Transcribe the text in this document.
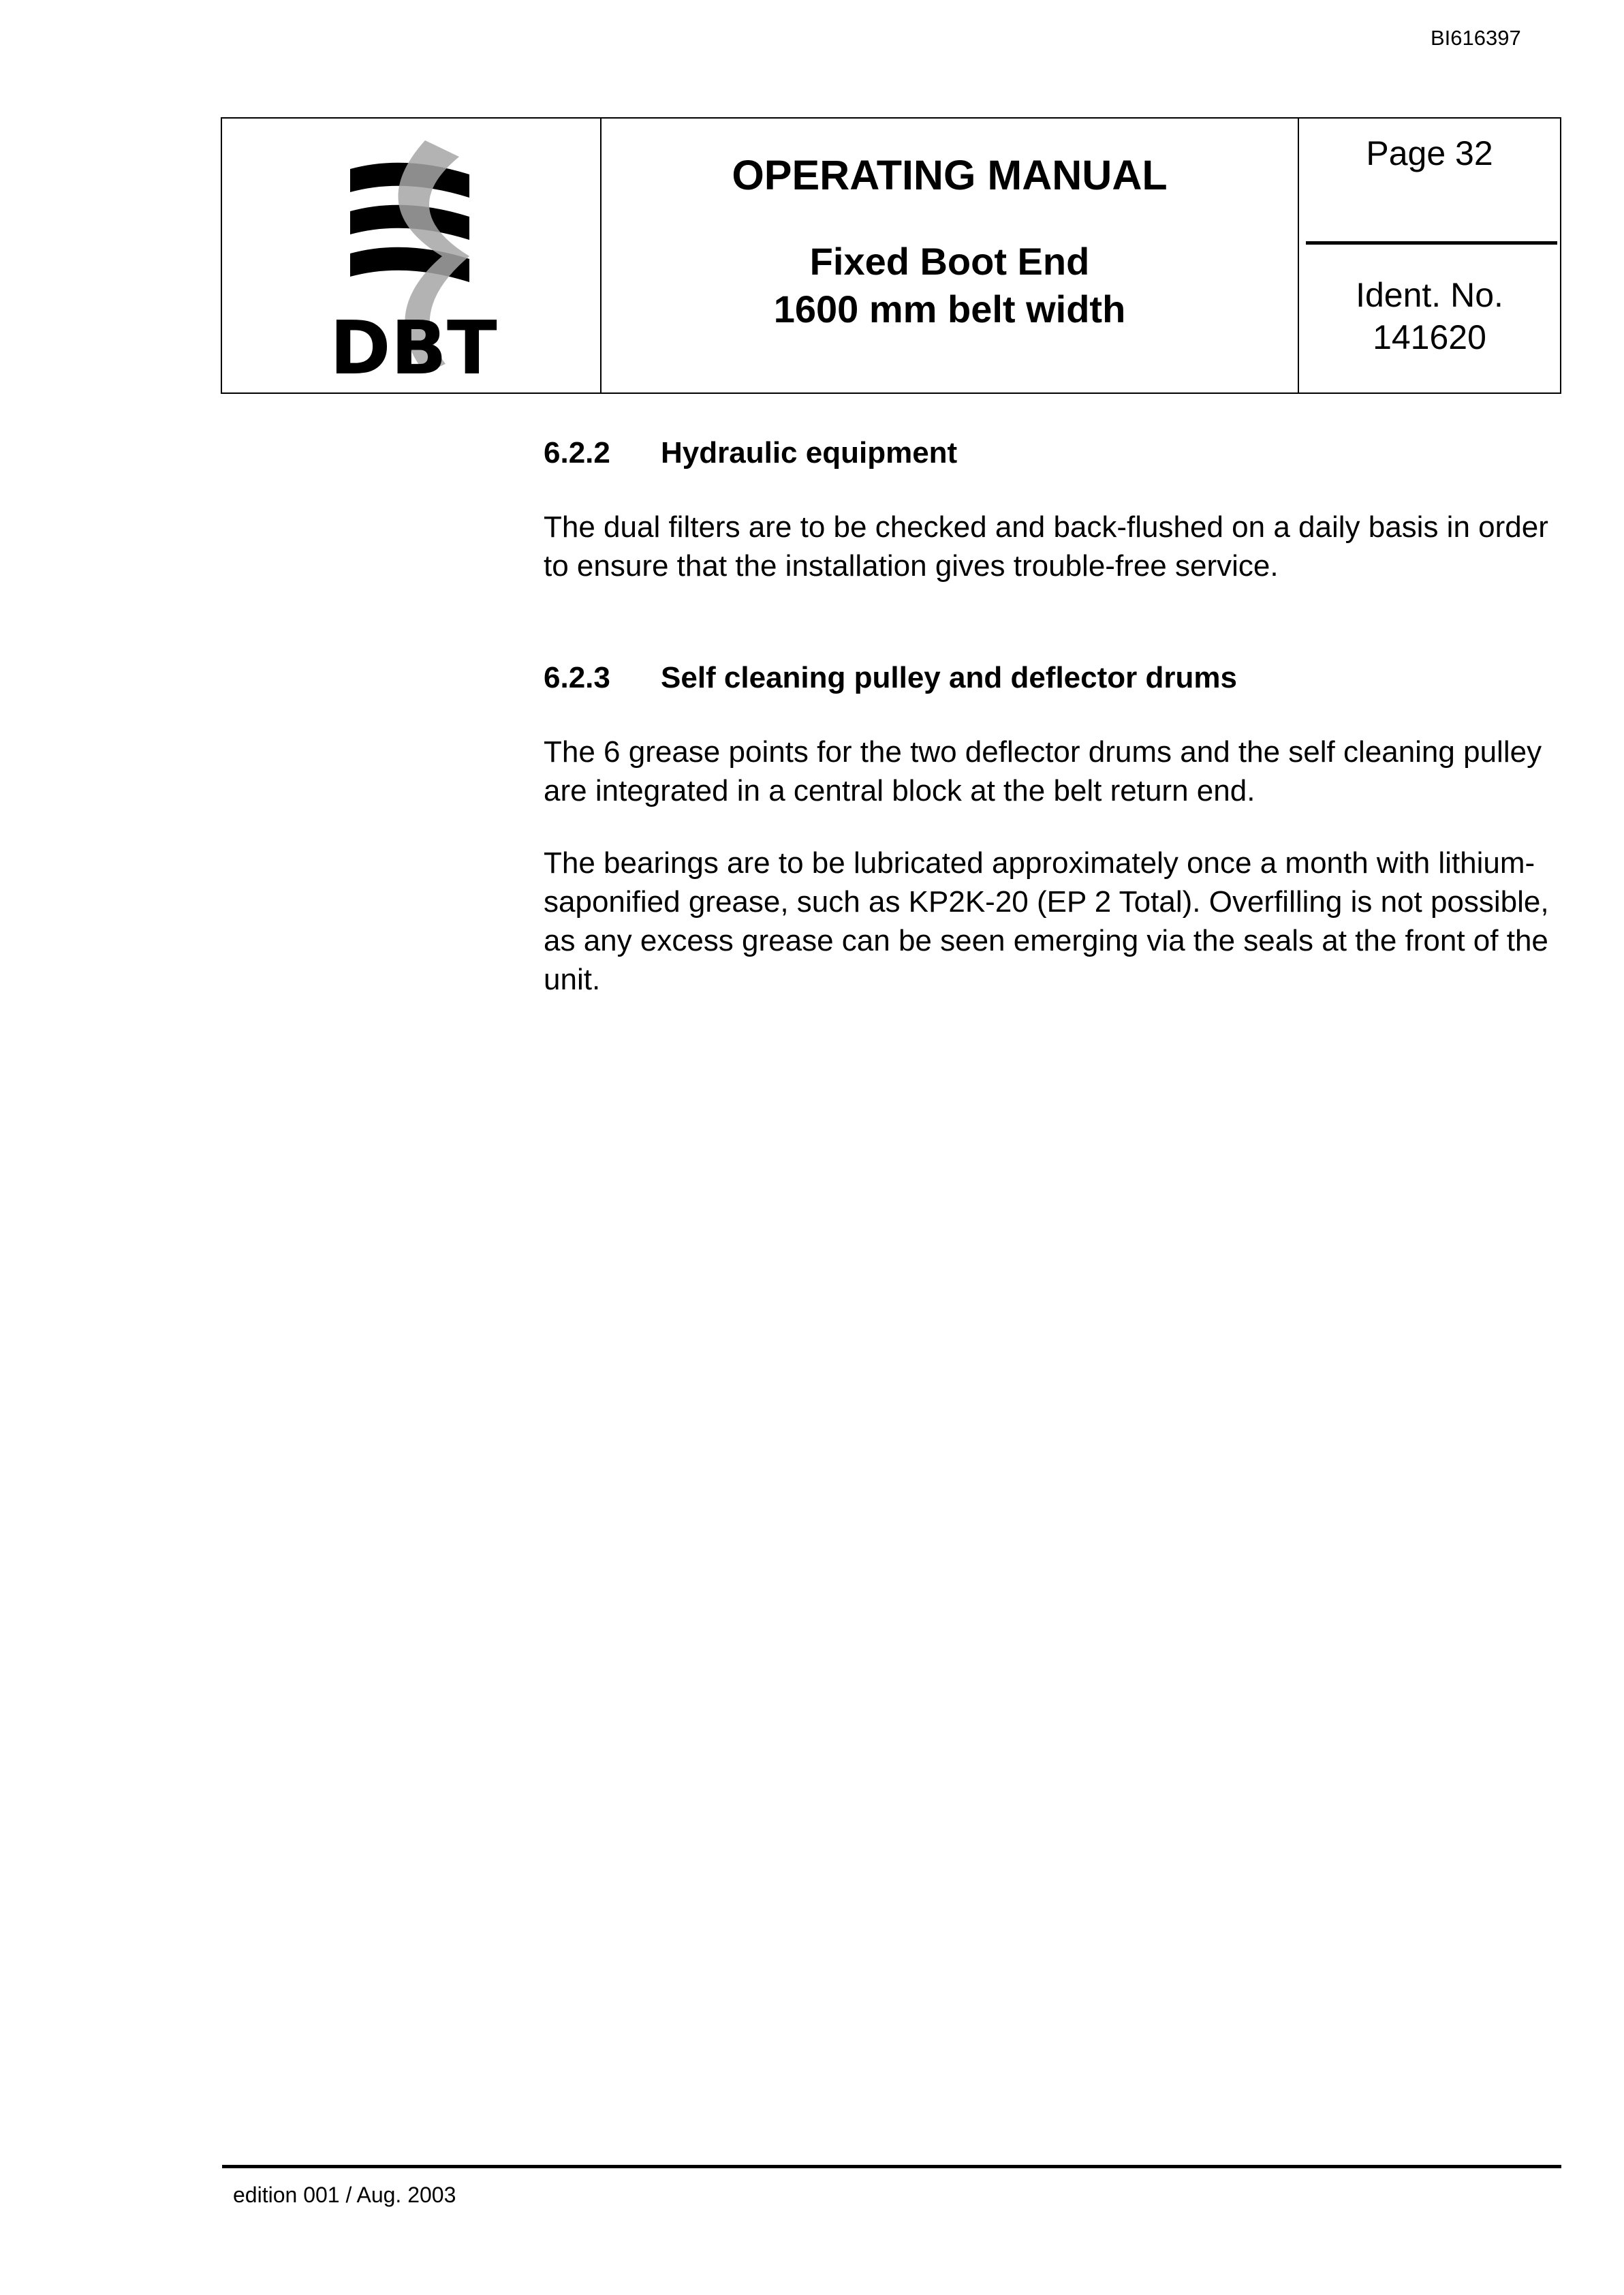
BI616397
DBT
OPERATING MANUAL
Fixed Boot End
1600 mm belt width
Page 32
Ident. No.
141620
6.2.2 Hydraulic equipment
The dual filters are to be checked and back-flushed on a daily basis in order to ensure that the installation gives trouble-free service.
6.2.3 Self cleaning pulley and deflector drums
The 6 grease points for the two deflector drums and the self cleaning pulley are integrated in a central block at the belt return end.
The bearings are to be lubricated approximately once a month with lithium-saponified grease, such as KP2K-20 (EP 2 Total). Overfilling is not possible, as any excess grease can be seen emerging via the seals at the front of the unit.
edition 001 / Aug. 2003
